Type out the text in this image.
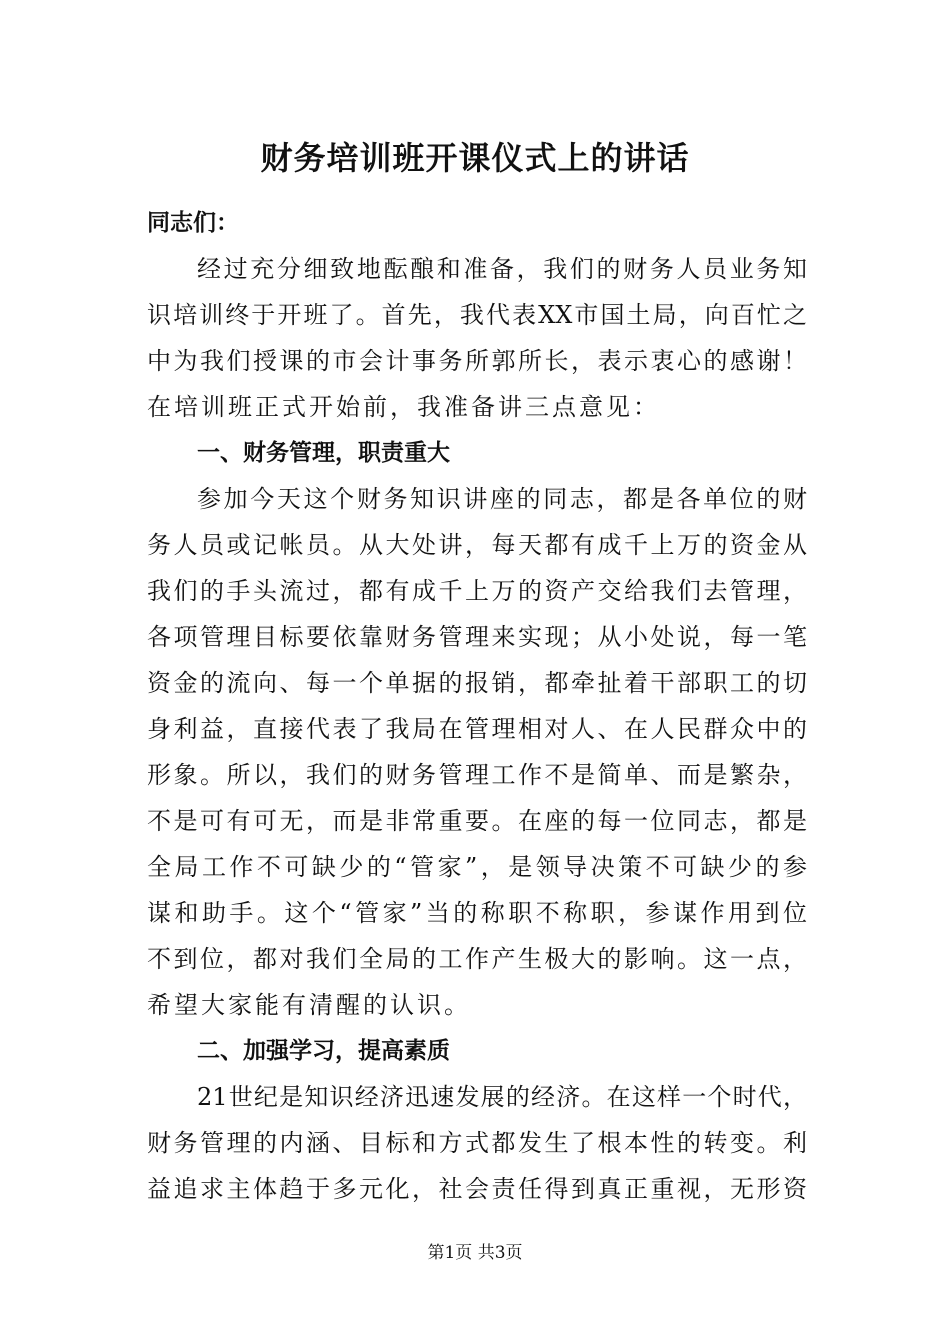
财务培训班开课仪式上的讲话
同志们：
经过充分细致地酝酿和准备，我们的财务人员业务知
识培训终于开班了。首先，我代表XX市国土局，向百忙之
中为我们授课的市会计事务所郭所长，表示衷心的感谢！
在培训班正式开始前，我准备讲三点意见：
一、财务管理，职责重大
参加今天这个财务知识讲座的同志，都是各单位的财
务人员或记帐员。从大处讲，每天都有成千上万的资金从
我们的手头流过，都有成千上万的资产交给我们去管理，
各项管理目标要依靠财务管理来实现；从小处说，每一笔
资金的流向、每一个单据的报销，都牵扯着干部职工的切
身利益，直接代表了我局在管理相对人、在人民群众中的
形象。所以，我们的财务管理工作不是简单、而是繁杂，
不是可有可无，而是非常重要。在座的每一位同志，都是
全局工作不可缺少的“管家”，是领导决策不可缺少的参
谋和助手。这个“管家”当的称职不称职，参谋作用到位
不到位，都对我们全局的工作产生极大的影响。这一点，
希望大家能有清醒的认识。
二、加强学习，提高素质
21世纪是知识经济迅速发展的经济。在这样一个时代，
财务管理的内涵、目标和方式都发生了根本性的转变。利
益追求主体趋于多元化，社会责任得到真正重视，无形资
第1页 共3页
